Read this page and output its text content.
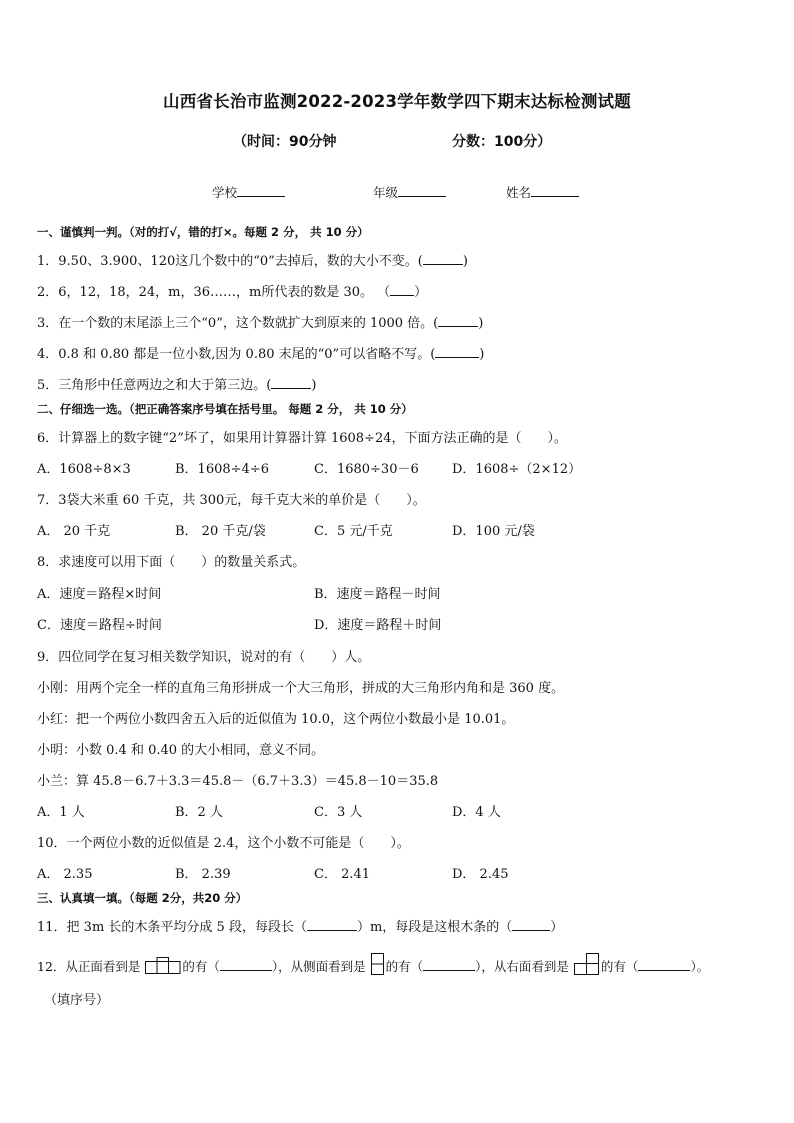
山西省长治市监测2022-2023学年数学四下期末达标检测试题
（时间：90分钟	分数：100分）
学校	年级	姓名
一、谨慎判一判。（对的打√，错的打×。每题 2 分， 共 10 分）
1．9.50、3.900、120这几个数中的“0”去掉后，数的大小不变。(	)
2．6，12，18，24，m，36……，m所代表的数是 30。 （ ）
3．在一个数的末尾添上三个“0”，这个数就扩大到原来的 1000 倍。(	)
4．0.8 和 0.80 都是一位小数,因为 0.80 末尾的“0”可以省略不写。(	)
5．三角形中任意两边之和大于第三边。(	)
二、仔细选一选。（把正确答案序号填在括号里。 每题 2 分， 共 10 分）
6．计算器上的数字键“2”坏了，如果用计算器计算 1608÷24，下面方法正确的是（　　）。
A．1608÷8×3	B．1608÷4÷6	C．1680÷30－6	D．1608÷（2×12）
7．3袋大米重 60 千克，共 300元，每千克大米的单价是（　　）。
A． 20 千克	B． 20 千克/袋	C．5 元/千克	D．100 元/袋
8．求速度可以用下面（　　）的数量关系式。
A．速度＝路程×时间	B．速度＝路程－时间
C．速度＝路程÷时间	D．速度＝路程＋时间
9．四位同学在复习相关数学知识，说对的有（　　）人。
小刚：用两个完全一样的直角三角形拼成一个大三角形，拼成的大三角形内角和是 360 度。
小红：把一个两位小数四舍五入后的近似值为 10.0，这个两位小数最小是 10.01。
小明：小数 0.4 和 0.40 的大小相同，意义不同。
小兰：算 45.8－6.7＋3.3＝45.8－（6.7＋3.3）＝45.8－10＝35.8
A．1 人	B．2 人	C．3 人	D．4 人
10．一个两位小数的近似值是 2.4，这个小数不可能是（　　）。
A． 2.35	B． 2.39	C． 2.41	D． 2.45
三、认真填一填。（每题 2分，共20 分）
11．把 3m 长的木条平均分成 5 段，每段长（	）m，每段是这根木条的（	）
12．从正面看到是	的有（	），从侧面看到是 的有（	），从右面看到是	的有（	）。
（填序号）
